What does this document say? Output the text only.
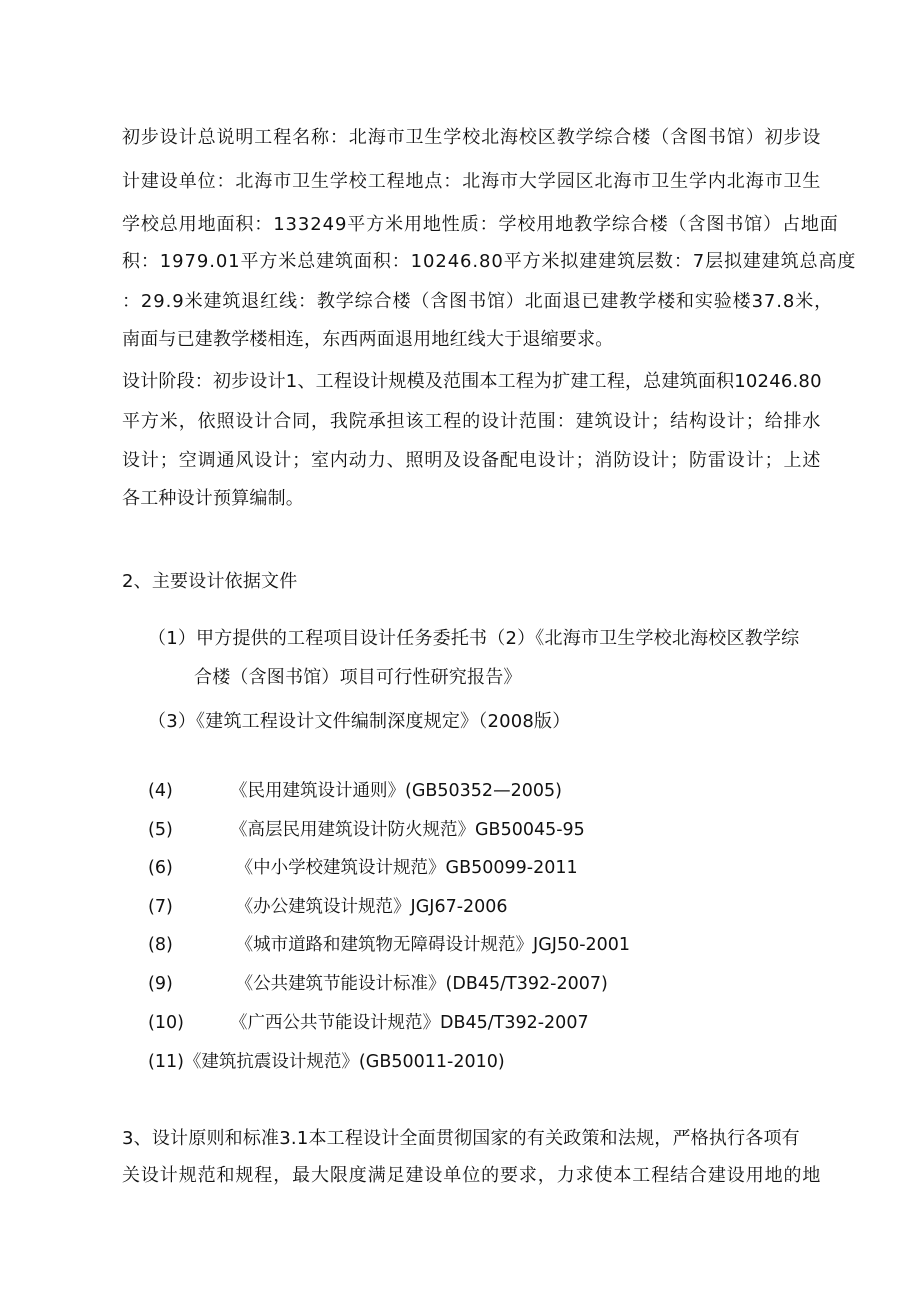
初步设计总说明工程名称：北海市卫生学校北海校区教学综合楼（含图书馆）初步设
计建设单位：北海市卫生学校工程地点：北海市大学园区北海市卫生学内北海市卫生
学校总用地面积：133249平方米用地性质：学校用地教学综合楼（含图书馆）占地面
积：1979.01平方米总建筑面积：10246.80平方米拟建建筑层数：7层拟建建筑总高度
：29.9米建筑退红线：教学综合楼（含图书馆）北面退已建教学楼和实验楼37.8米，
南面与已建教学楼相连，东西两面退用地红线大于退缩要求。
设计阶段：初步设计1、工程设计规模及范围本工程为扩建工程，总建筑面积10246.80
平方米，依照设计合同，我院承担该工程的设计范围：建筑设计；结构设计；给排水
设计；空调通风设计；室内动力、照明及设备配电设计；消防设计；防雷设计；上述
各工种设计预算编制。
2、主要设计依据文件
（1）甲方提供的工程项目设计任务委托书（2）《北海市卫生学校北海校区教学综
合楼（含图书馆）项目可行性研究报告》
（3）《建筑工程设计文件编制深度规定》（2008版）
(4)	《民用建筑设计通则》(GB50352—2005)
(5)	《高层民用建筑设计防火规范》GB50045-95
(6)	《中小学校建筑设计规范》GB50099-2011
(7)	《办公建筑设计规范》JGJ67-2006
(8)	《城市道路和建筑物无障碍设计规范》JGJ50-2001
(9)	《公共建筑节能设计标准》(DB45/T392-2007)
(10)	《广西公共节能设计规范》DB45/T392-2007
(11)《建筑抗震设计规范》(GB50011-2010)
3、设计原则和标准3.1本工程设计全面贯彻国家的有关政策和法规，严格执行各项有
关设计规范和规程，最大限度满足建设单位的要求，力求使本工程结合建设用地的地
